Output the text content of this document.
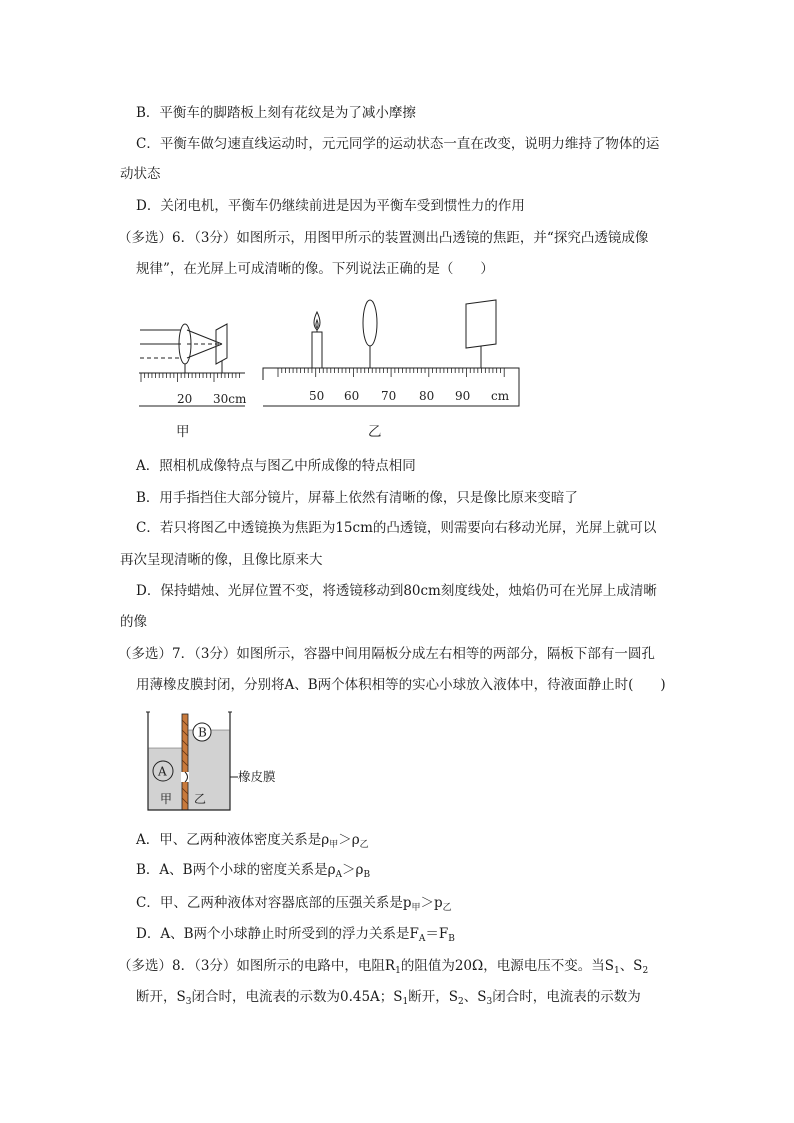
B．平衡车的脚踏板上刻有花纹是为了减小摩擦
C．平衡车做匀速直线运动时，元元同学的运动状态一直在改变，说明力维持了物体的运
动状态
D．关闭电机，平衡车仍继续前进是因为平衡车受到惯性力的作用
（多选）6．（3分）如图所示，用图甲所示的装置测出凸透镜的焦距，并“探究凸透镜成像
规律”，在光屏上可成清晰的像。下列说法正确的是（　　）
20 30cm
甲
50 60 70 80 90 cm
乙
A．照相机成像特点与图乙中所成像的特点相同
B．用手指挡住大部分镜片，屏幕上依然有清晰的像，只是像比原来变暗了
C．若只将图乙中透镜换为焦距为15cm的凸透镜，则需要向右移动光屏，光屏上就可以
再次呈现清晰的像，且像比原来大
D．保持蜡烛、光屏位置不变，将透镜移动到80cm刻度线处，烛焰仍可在光屏上成清晰
的像
（多选）7．（3分）如图所示，容器中间用隔板分成左右相等的两部分，隔板下部有一圆孔
用薄橡皮膜封闭，分别将A、B两个体积相等的实心小球放入液体中，待液面静止时(　　)
B
A
甲 乙
橡皮膜
A．甲、乙两种液体密度关系是$\rho_甲>\rho_乙$
B．A、B两个小球的密度关系是$\rho_A>\rho_B$
C．甲、乙两种液体对容器底部的压强关系是$p_甲>p_乙$
D．A、B两个小球静止时所受到的浮力关系是$F_A=F_B$
（多选）8．（3分）如图所示的电路中，电阻$R_1$的阻值为20Ω，电源电压不变。当$S_1$、$S_2$
断开，$S_3$闭合时，电流表的示数为0.45A；$S_1$断开，$S_2$、$S_3$闭合时，电流表的示数为
